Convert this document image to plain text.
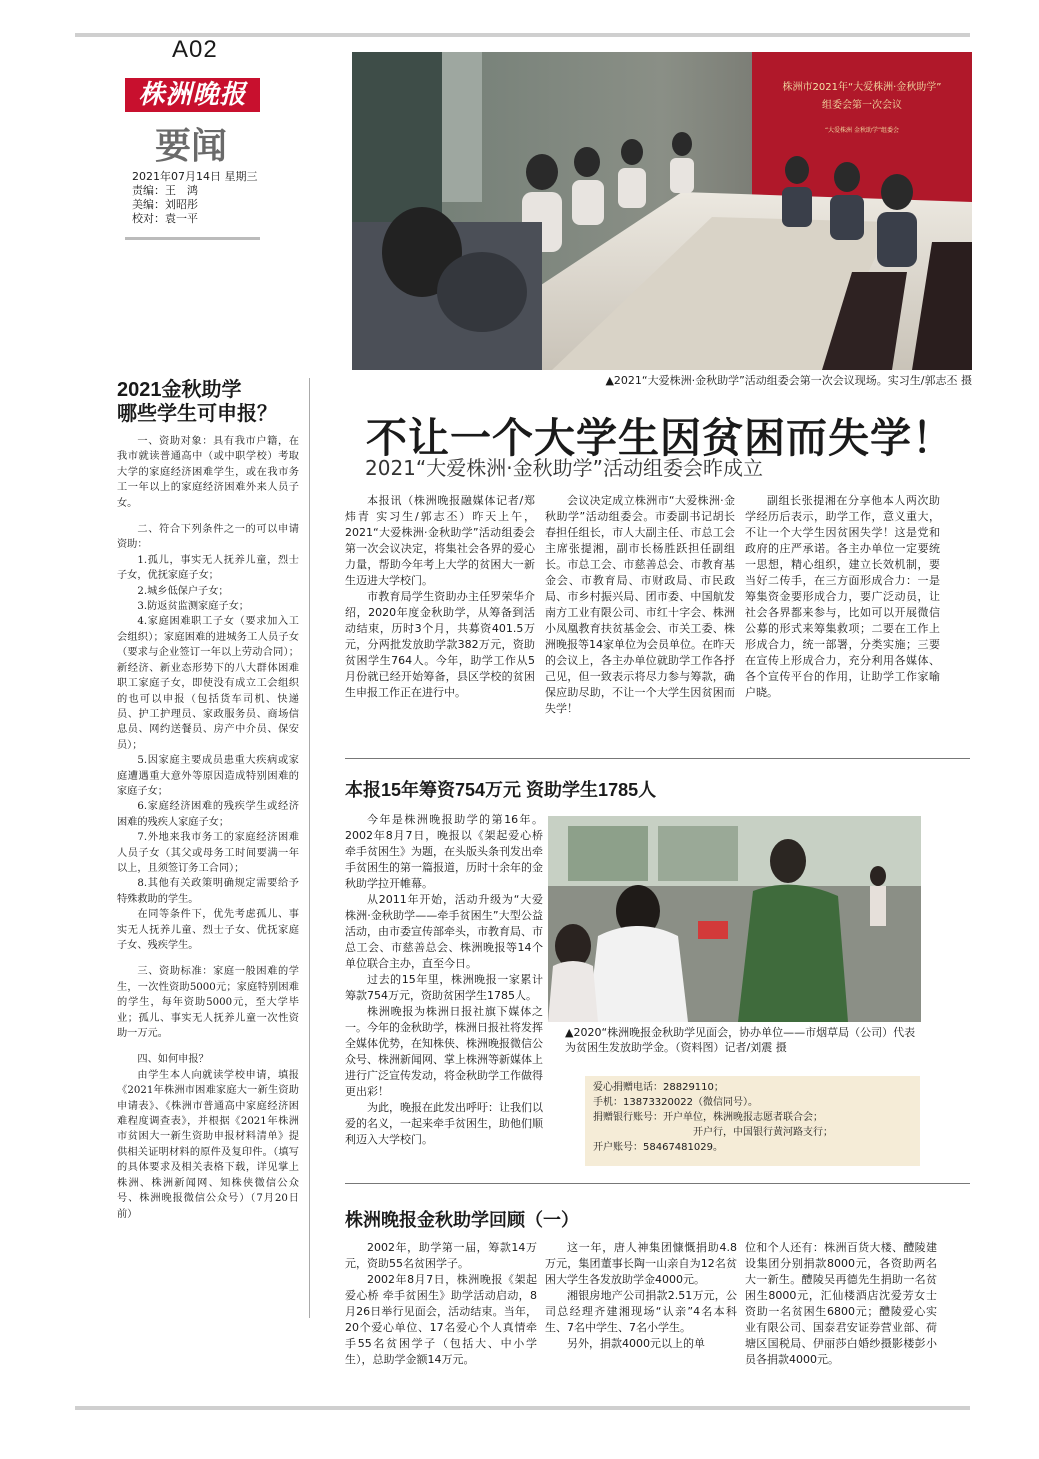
A02
株洲晚报
要闻
2021年07月14日 星期三
责编：王　鸿
美编：刘昭彤
校对：袁一平
株洲市2021年“大爱株洲·金秋助学”
组委会第一次会议
“大爱株洲 金秋助学”组委会
▲ 2021“大爱株洲·金秋助学”活动组委会第一次会议现场。实习生/郭志丕 摄
2021金秋助学
哪些学生可申报？

一、资助对象：具有我市户籍，在我市就读普通高中（或中职学校）考取大学的家庭经济困难学生，或在我市务工一年以上的家庭经济困难外来人员子女。

二、符合下列条件之一的可以申请资助：

1.孤儿，事实无人抚养儿童，烈士子女，优抚家庭子女；

2.城乡低保户子女；

3.防返贫监测家庭子女；

4.家庭困难职工子女（要求加入工会组织）；家庭困难的进城务工人员子女（要求与企业签订一年以上劳动合同）；新经济、新业态形势下的八大群体困难职工家庭子女，即使没有成立工会组织的也可以申报（包括货车司机、快递员、护工护理员、家政服务员、商场信息员、网约送餐员、房产中介员、保安员）；

5.因家庭主要成员患重大疾病或家庭遭遇重大意外等原因造成特别困难的家庭子女；

6.家庭经济困难的残疾学生或经济困难的残疾人家庭子女；

7.外地来我市务工的家庭经济困难人员子女（其父或母务工时间要满一年以上，且须签订务工合同）；

8.其他有关政策明确规定需要给予特殊救助的学生。

在同等条件下，优先考虑孤儿、事实无人抚养儿童、烈士子女、优抚家庭子女、残疾学生。

三、资助标准：家庭一般困难的学生，一次性资助5000元；家庭特别困难的学生，每年资助5000元，至大学毕业；孤儿、事实无人抚养儿童一次性资助一万元。

四、如何申报？

由学生本人向就读学校申请，填报《2021年株洲市困难家庭大一新生资助申请表》、《株洲市普通高中家庭经济困难程度调查表》，并根据《2021年株洲市贫困大一新生资助申报材料清单》提供相关证明材料的原件及复印件。（填写的具体要求及相关表格下载，详见掌上株洲、株洲新闻网、知株侠微信公众号、株洲晚报微信公众号）（7月20日前）

不让一个大学生因贫困而失学！
2021“大爱株洲·金秋助学”活动组委会昨成立

本报讯（株洲晚报融媒体记者/郑炜青 实习生/郭志丕）昨天上午，2021“大爱株洲·金秋助学”活动组委会第一次会议决定，将集社会各界的爱心力量，帮助今年考上大学的贫困大一新生迈进大学校门。

市教育局学生资助办主任罗荣华介绍，2020年度金秋助学，从筹备到活动结束，历时3个月，共募资401.5万元，分两批发放助学款382万元，资助贫困学生764人。今年，助学工作从5月份就已经开始筹备，县区学校的贫困生申报工作正在进行中。

会议决定成立株洲市“大爱株洲·金秋助学”活动组委会。市委副书记胡长春担任组长，市人大副主任、市总工会主席张提湘，副市长杨胜跃担任副组长。市总工会、市慈善总会、市教育基金会、市教育局、市财政局、市民政局、市乡村振兴局、团市委、中国航发南方工业有限公司、市红十字会、株洲小凤凰教育扶贫基金会、市关工委、株洲晚报等14家单位为会员单位。在昨天的会议上，各主办单位就助学工作各抒己见，但一致表示将尽力参与筹款，确保应助尽助，不让一个大学生因贫困而失学！

副组长张提湘在分享他本人两次助学经历后表示，助学工作，意义重大，不让一个大学生因贫困失学！这是党和政府的庄严承诺。各主办单位一定要统一思想，精心组织，建立长效机制，要当好二传手，在三方面形成合力：一是筹集资金要形成合力，要广泛动员，让社会各界都来参与，比如可以开展微信公募的形式来筹集救项；二要在工作上形成合力，统一部署，分类实施；三要在宣传上形成合力，充分利用各媒体、各个宣传平台的作用，让助学工作家喻户晓。

本报15年筹资754万元 资助学生1785人

今年是株洲晚报助学的第16年。2002年8月7日，晚报以《架起爱心桥 牵手贫困生》为题，在头版头条刊发出牵手贫困生的第一篇报道，历时十余年的金秋助学拉开帷幕。

从2011年开始，活动升级为“大爱株洲·金秋助学——牵手贫困生”大型公益活动，由市委宣传部牵头，市教育局、市总工会、市慈善总会、株洲晚报等14个单位联合主办，直至今日。

过去的15年里，株洲晚报一家累计筹款754万元，资助贫困学生1785人。

株洲晚报为株洲日报社旗下媒体之一。今年的金秋助学，株洲日报社将发挥全媒体优势，在知株侠、株洲晚报微信公众号、株洲新闻网、掌上株洲等新媒体上进行广泛宣传发动，将金秋助学工作做得更出彩！

为此，晚报在此发出呼吁：让我们以爱的名义，一起来牵手贫困生，助他们顺利迈入大学校门。

▲ 2020“株洲晚报金秋助学见面会，协办单位——市烟草局（公司）代表为贫困生发放助学金。（资料图）记者/刘震 摄
爱心捐赠电话：28829110；
手机：13873320022（微信同号）。
捐赠银行账号：开户单位，株洲晚报志愿者联合会；
开户行，中国银行黄河路支行；
开户账号：58467481029。
株洲晚报金秋助学回顾（一）

2002年，助学第一届，筹款14万元，资助55名贫困学子。

2002年8月7日，株洲晚报《架起爱心桥 牵手贫困生》助学活动启动，8月26日举行见面会，活动结束。当年，20个爱心单位、17名爱心个人真情牵手55名贫困学子（包括大、中小学生），总助学金额14万元。

这一年，唐人神集团慷慨捐助4.8万元，集团董事长陶一山亲自为12名贫困大学生各发放助学金4000元。

湘银房地产公司捐款2.51万元，公司总经理齐建湘现场“认亲”4名本科生、7名中学生、7名小学生。

另外，捐款4000元以上的单

位和个人还有：株洲百货大楼、醴陵建设集团分别捐款8000元，各资助两名大一新生。醴陵吴再德先生捐助一名贫困生8000元，汇仙楼酒店沈爱芳女士资助一名贫困生6800元；醴陵爱心实业有限公司、国泰君安证券营业部、荷塘区国税局、伊丽莎白婚纱摄影楼彭小员各捐款4000元。
